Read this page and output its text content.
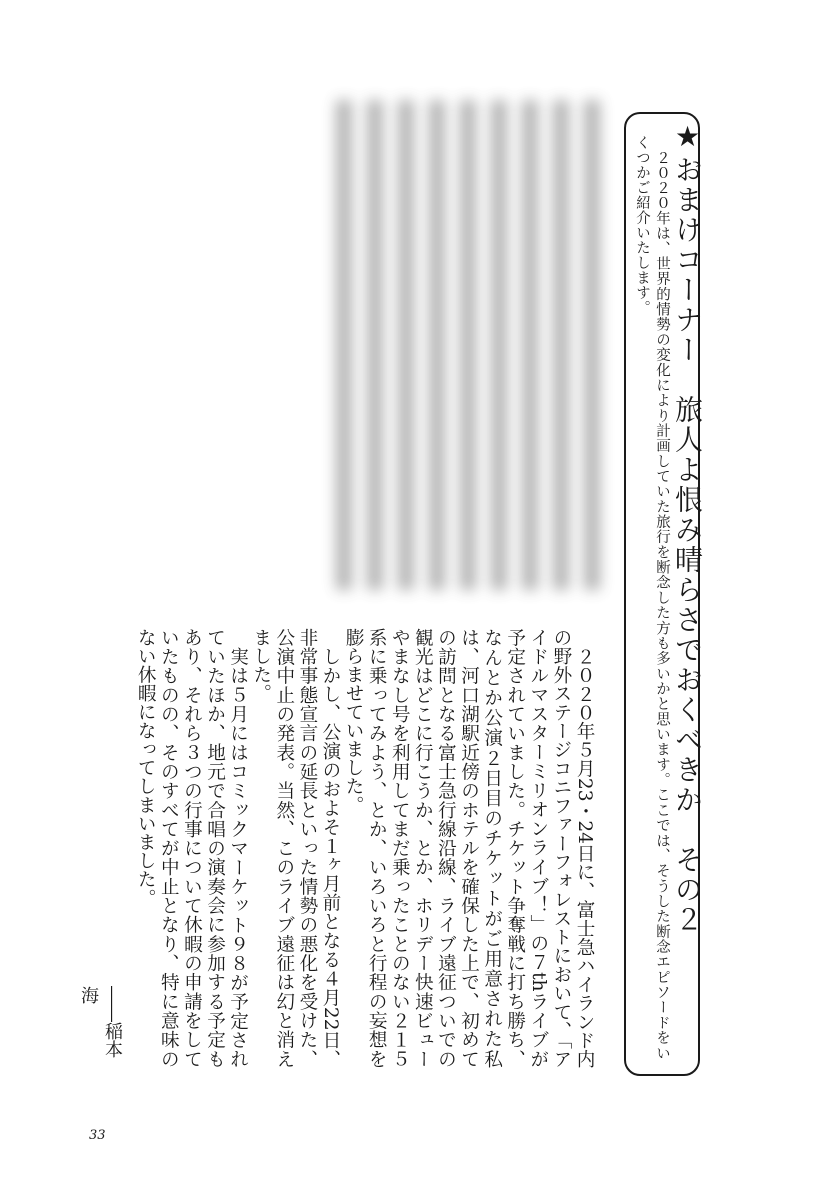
★おまけコーナー　旅人よ恨み晴らさでおくべきか　その２
２０２０年は、世界的情勢の変化により計画していた旅行を断念した方も多いかと思います。ここでは、そうした断念エピソードをいくつかご紹介いたします。

２０２０年５月23・24日に、富士急ハイランド内の野外ステージコニファーフォレストにおいて、「アイドルマスターミリオンライブ！」の７thライブが予定されていました。チケット争奪戦に打ち勝ち、なんとか公演２日目のチケットがご用意された私は、河口湖駅近傍のホテルを確保した上で、初めての訪問となる富士急行線沿線、ライブ遠征ついでの観光はどこに行こうか、とか、ホリデー快速ビューやまなし号を利用してまだ乗ったことのない２１５系に乗ってみよう、とか、いろいろと行程の妄想を膨らませていました。

しかし、公演のおよそ１ヶ月前となる４月22日、非常事態宣言の延長といった情勢の悪化を受けた、公演中止の発表。当然、このライブ遠征は幻と消えました。

実は５月にはコミックマーケット９８が予定されていたほか、地元で合唱の演奏会に参加する予定もあり、それら３つの行事について休暇の申請をしていたものの、そのすべてが中止となり、特に意味のない休暇になってしまいました。

――稲本海
33
